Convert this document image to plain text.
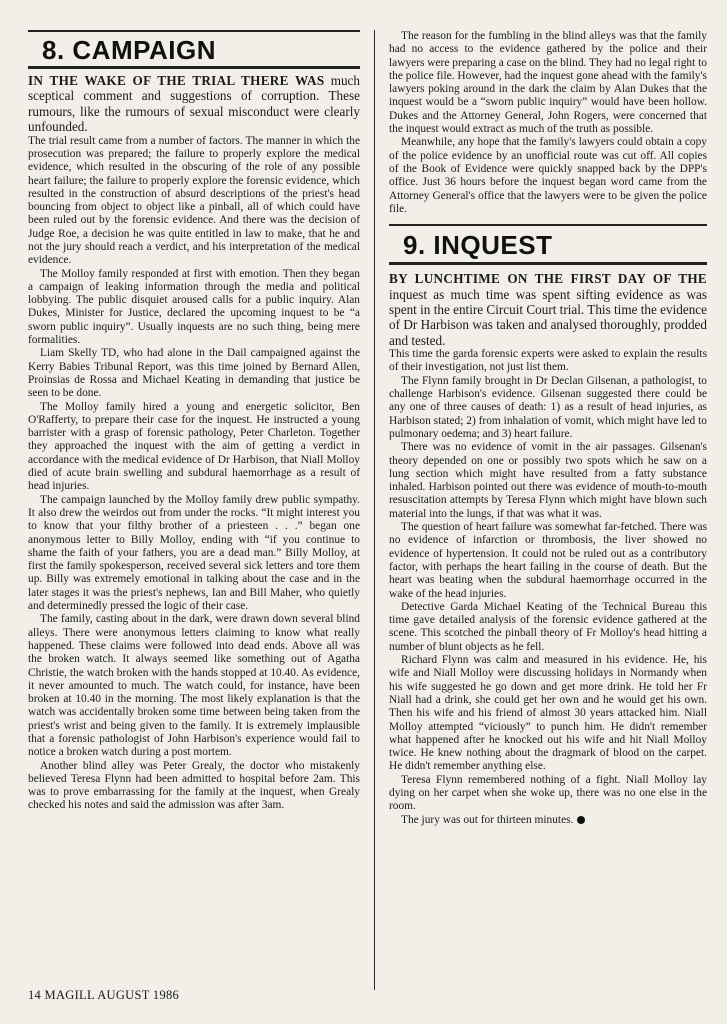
8. CAMPAIGN
IN THE WAKE OF THE TRIAL THERE WAS much sceptical comment and suggestions of corruption. These rumours, like the rumours of sexual misconduct were clearly unfounded.

The trial result came from a number of factors. The manner in which the prosecution was prepared; the failure to properly explore the medical evidence, which resulted in the obscuring of the role of any possible heart failure; the failure to properly explore the forensic evidence, which resulted in the construction of absurd descriptions of the priest's head bouncing from object to object like a pinball, all of which could have been ruled out by the forensic evidence. And there was the decision of Judge Roe, a decision he was quite entitled in law to make, that he and not the jury should reach a verdict, and his interpretation of the medical evidence.

The Molloy family responded at first with emotion. Then they began a campaign of leaking information through the media and political lobbying. The public disquiet aroused calls for a public inquiry. Alan Dukes, Minister for Justice, declared the upcoming inquest to be “a sworn public inquiry”. Usually inquests are no such thing, being mere formalities.

Liam Skelly TD, who had alone in the Dail campaigned against the Kerry Babies Tribunal Report, was this time joined by Bernard Allen, Proinsias de Rossa and Michael Keating in demanding that justice be seen to be done.

The Molloy family hired a young and energetic solicitor, Ben O'Rafferty, to prepare their case for the inquest. He instructed a young barrister with a grasp of forensic pathology, Peter Charleton. Together they approached the inquest with the aim of getting a verdict in accordance with the medical evidence of Dr Harbison, that Niall Molloy died of acute brain swelling and subdural haemorrhage as a result of head injuries.

The campaign launched by the Molloy family drew public sympathy. It also drew the weirdos out from under the rocks. “It might interest you to know that your filthy brother of a priesteen . . .” began one anonymous letter to Billy Molloy, ending with “if you continue to shame the faith of your fathers, you are a dead man.” Billy Molloy, at first the family spokesperson, received several sick letters and tore them up. Billy was extremely emotional in talking about the case and in the later stages it was the priest's nephews, Ian and Bill Maher, who quietly and determinedly pressed the logic of their case.

The family, casting about in the dark, were drawn down several blind alleys. There were anonymous letters claiming to know what really happened. These claims were followed into dead ends. Above all was the broken watch. It always seemed like something out of Agatha Christie, the watch broken with the hands stopped at 10.40. As evidence, it never amounted to much. The watch could, for instance, have been broken at 10.40 in the morning. The most likely explanation is that the watch was accidentally broken some time between being taken from the priest's wrist and being given to the family. It is extremely implausible that a forensic pathologist of John Harbison's experience would fail to notice a broken watch during a post mortem.

Another blind alley was Peter Grealy, the doctor who mistakenly believed Teresa Flynn had been admitted to hospital before 2am. This was to prove embarrassing for the family at the inquest, when Grealy checked his notes and said the admission was after 3am.

The reason for the fumbling in the blind alleys was that the family had no access to the evidence gathered by the police and their lawyers were preparing a case on the blind. They had no legal right to the police file. However, had the inquest gone ahead with the family's lawyers poking around in the dark the claim by Alan Dukes that the inquest would be a “sworn public inquiry” would have been hollow. Dukes and the Attorney General, John Rogers, were concerned that the inquest would extract as much of the truth as possible.

Meanwhile, any hope that the family's lawyers could obtain a copy of the police evidence by an unofficial route was cut off. All copies of the Book of Evidence were quickly snapped back by the DPP's office. Just 36 hours before the inquest began word came from the Attorney General's office that the lawyers were to be given the police file.

9. INQUEST
BY LUNCHTIME ON THE FIRST DAY OF THE inquest as much time was spent sifting evidence as was spent in the entire Circuit Court trial. This time the evidence of Dr Harbison was taken and analysed thoroughly, prodded and tested.

This time the garda forensic experts were asked to explain the results of their investigation, not just list them.

The Flynn family brought in Dr Declan Gilsenan, a pathologist, to challenge Harbison's evidence. Gilsenan suggested there could be any one of three causes of death: 1) as a result of head injuries, as Harbison stated; 2) from inhalation of vomit, which might have led to pulmonary oedema; and 3) heart failure.

There was no evidence of vomit in the air passages. Gilsenan's theory depended on one or possibly two spots which he saw on a lung section which might have resulted from a fatty substance inhaled. Harbison pointed out there was evidence of mouth-to-mouth resuscitation attempts by Teresa Flynn which might have blown such material into the lungs, if that was what it was.

The question of heart failure was somewhat far-fetched. There was no evidence of infarction or thrombosis, the liver showed no evidence of hypertension. It could not be ruled out as a contributory factor, with perhaps the heart failing in the course of death. But the heart was beating when the subdural haemorrhage occurred in the wake of the head injuries.

Detective Garda Michael Keating of the Technical Bureau this time gave detailed analysis of the forensic evidence gathered at the scene. This scotched the pinball theory of Fr Molloy's head hitting a number of blunt objects as he fell.

Richard Flynn was calm and measured in his evidence. He, his wife and Niall Molloy were discussing holidays in Normandy when his wife suggested he go down and get more drink. He told her Fr Niall had a drink, she could get her own and he would get his own. Then his wife and his friend of almost 30 years attacked him. Niall Molloy attempted “viciously” to punch him. He didn't remember what happened after he knocked out his wife and hit Niall Molloy twice. He knew nothing about the dragmark of blood on the carpet. He didn't remember anything else.

Teresa Flynn remembered nothing of a fight. Niall Molloy lay dying on her carpet when she woke up, there was no one else in the room.

The jury was out for thirteen minutes.

14 MAGILL AUGUST 1986
